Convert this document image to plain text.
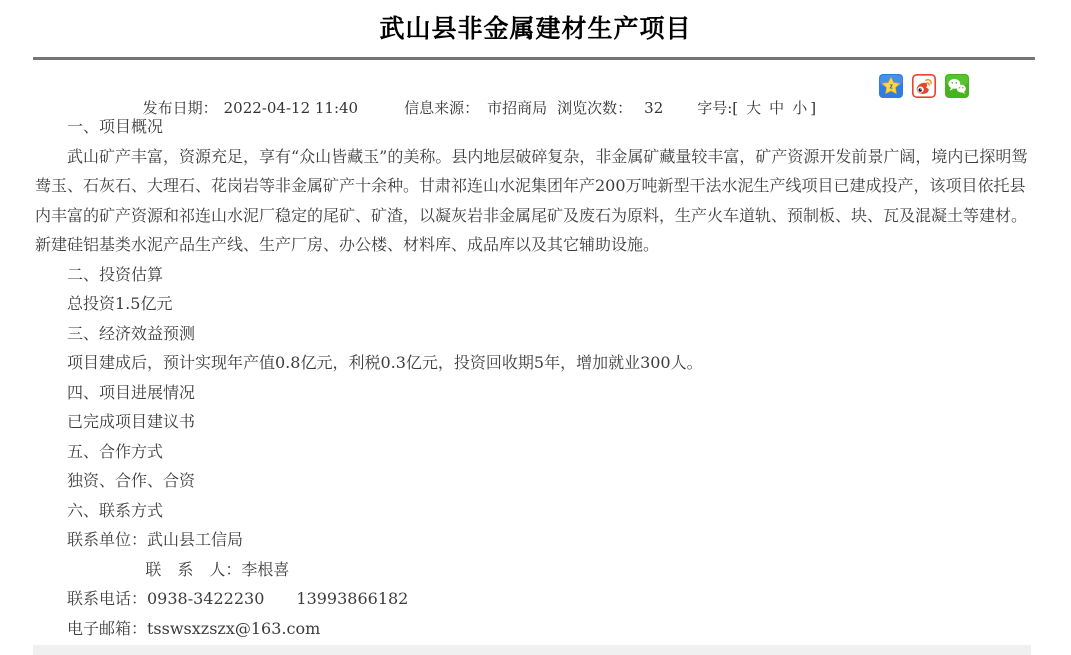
武山县非金属建材生产项目

发布日期： 2022-04-12 11:40	信息来源： 市招商局 浏览次数： 32 字号:[ 大 中 小 ]

z

一、项目概况

武山矿产丰富，资源充足，享有“众山皆藏玉”的美称。县内地层破碎复杂，非金属矿藏量较丰富，矿产资源开发前景广阔，境内已探明鸳鸯玉、石灰石、大理石、花岗岩等非金属矿产十余种。甘肃祁连山水泥集团年产200万吨新型干法水泥生产线项目已建成投产，该项目依托县内丰富的矿产资源和祁连山水泥厂稳定的尾矿、矿渣，以凝灰岩非金属尾矿及废石为原料，生产火车道轨、预制板、块、瓦及混凝土等建材。新建硅铝基类水泥产品生产线、生产厂房、办公楼、材料库、成品库以及其它辅助设施。

二、投资估算

总投资1.5亿元

三、经济效益预测

项目建成后，预计实现年产值0.8亿元，利税0.3亿元，投资回收期5年，增加就业300人。

四、项目进展情况

已完成项目建议书

五、合作方式

独资、合作、合资

六、联系方式

联系单位：武山县工信局

联　系　人：李根喜

联系电话：0938-3422230　　13993866182

电子邮箱：tsswsxzszx@163.com
